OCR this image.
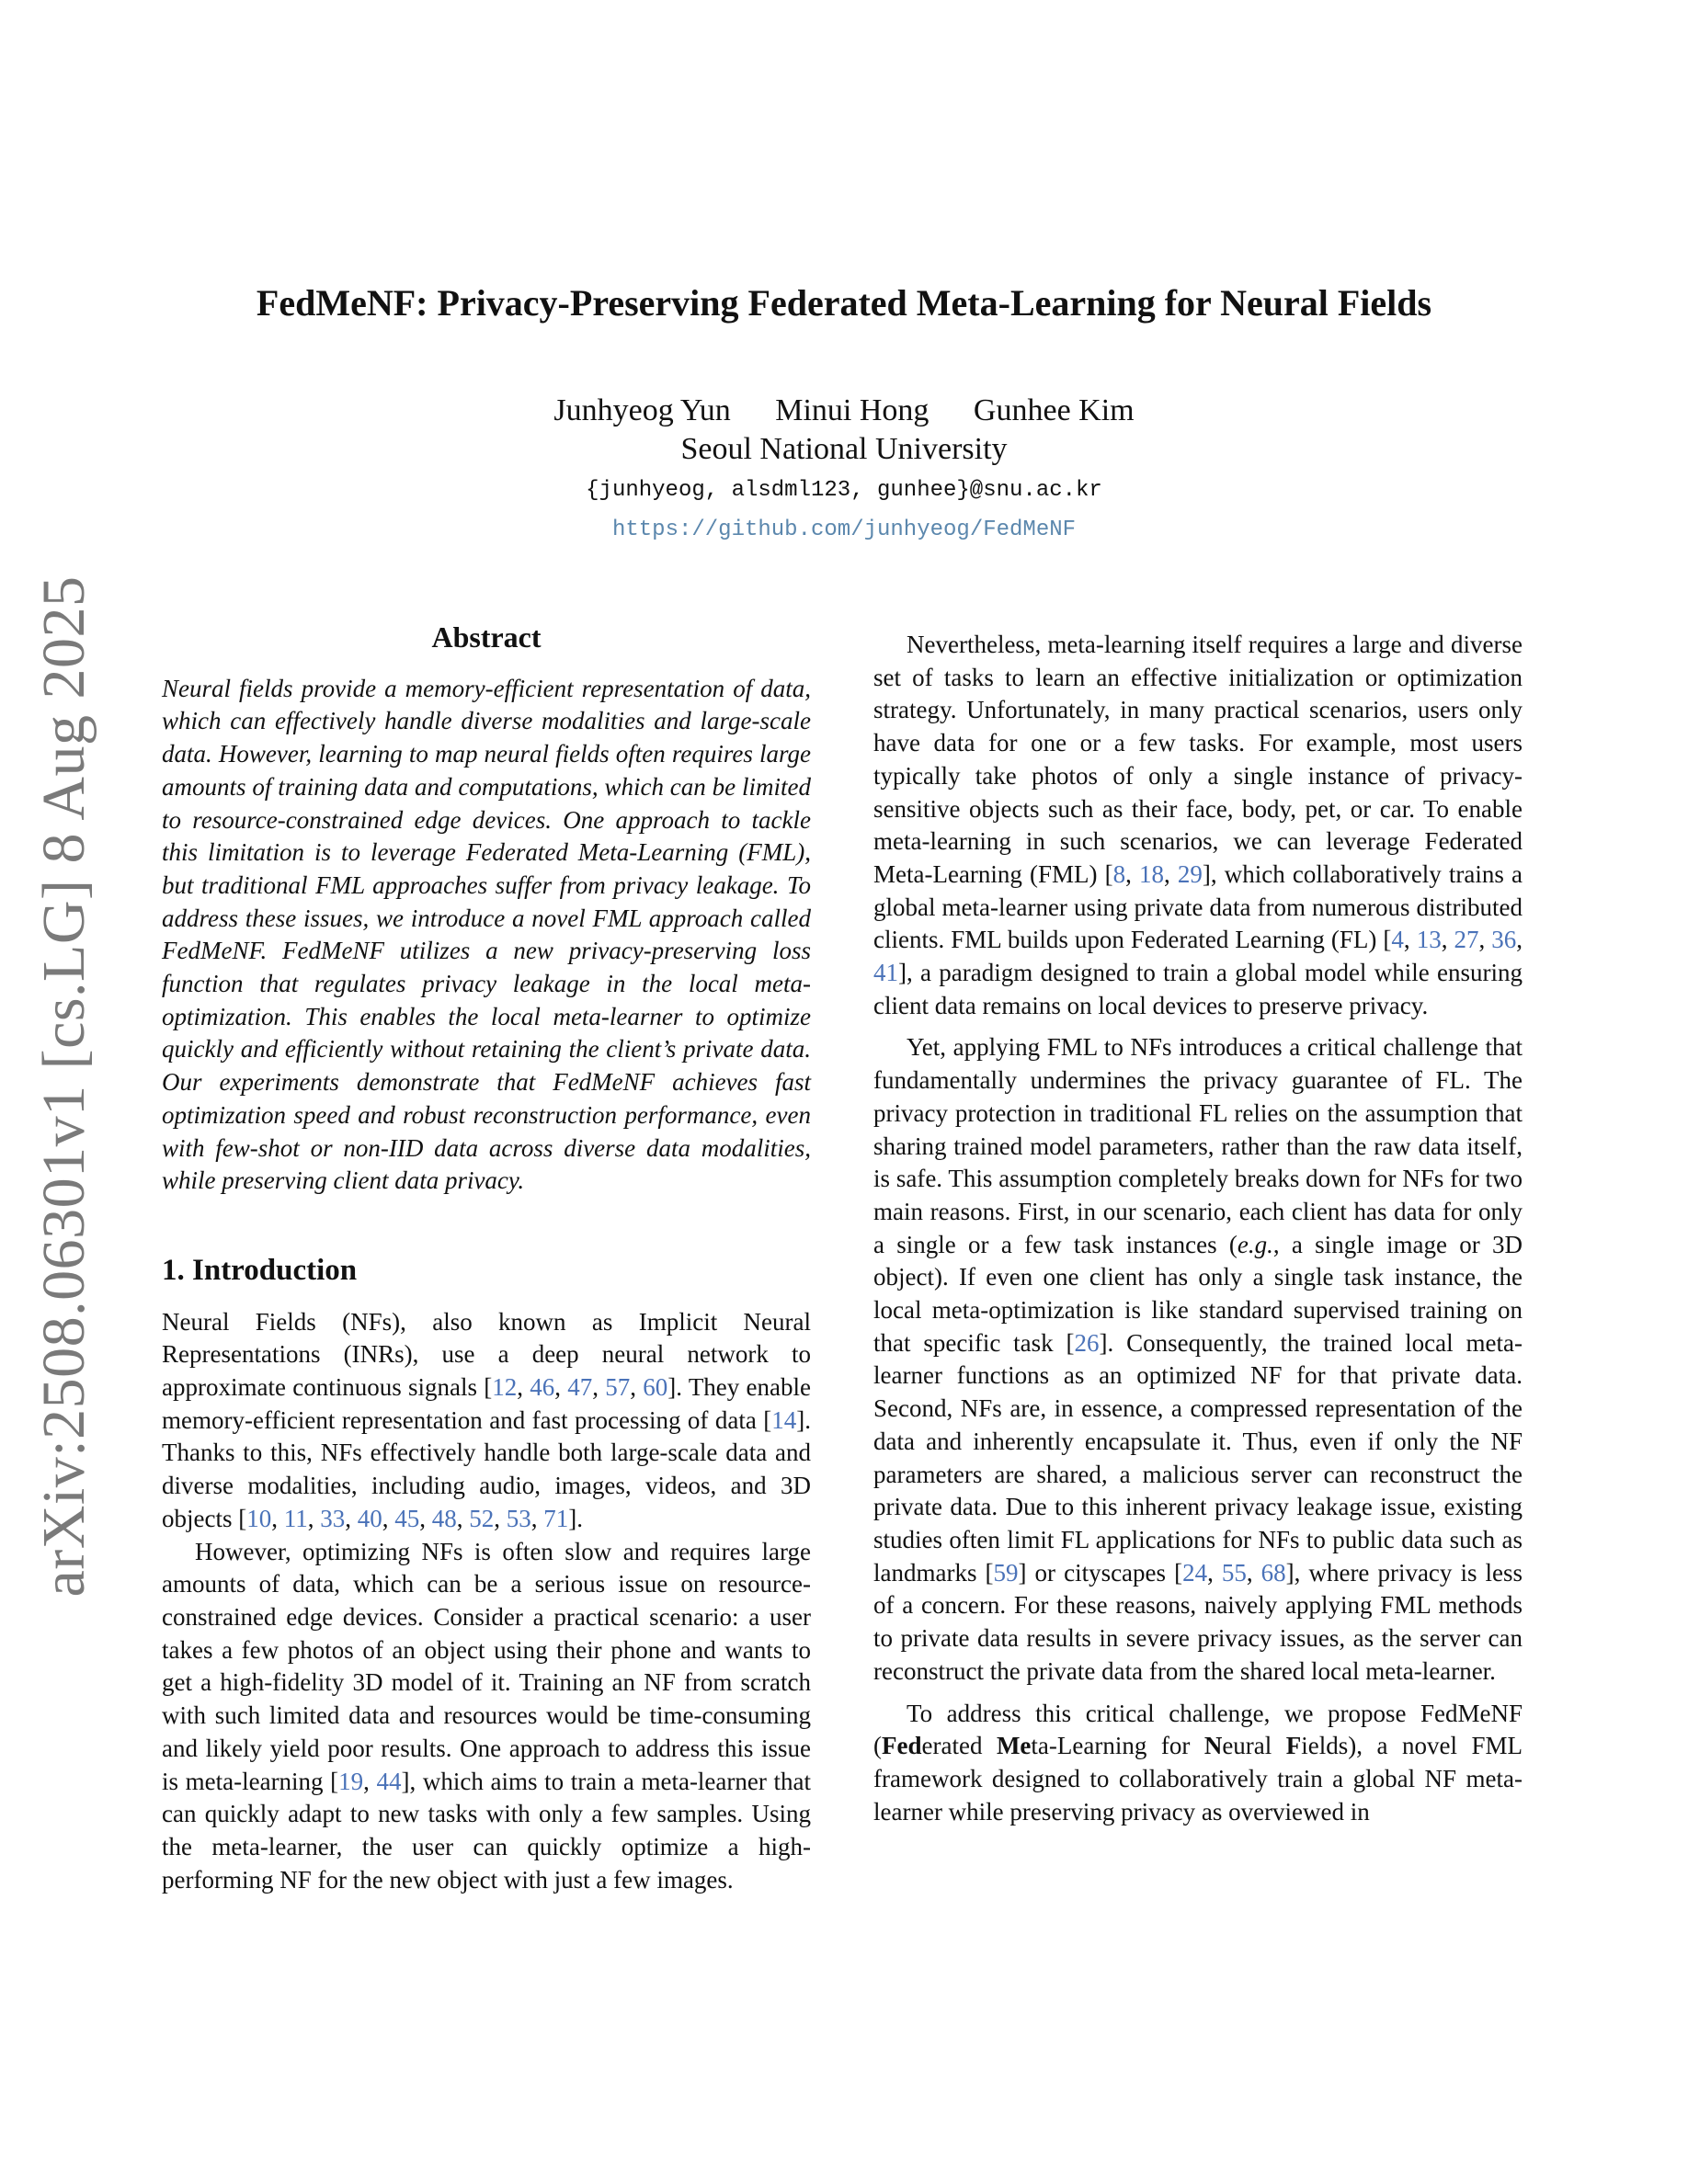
arXiv:2508.06301v1 [cs.LG] 8 Aug 2025
FedMeNF: Privacy-Preserving Federated Meta-Learning for Neural Fields
Junhyeog Yun Minui Hong Gunhee Kim
Seoul National University
{junhyeog, alsdml123, gunhee}@snu.ac.kr
https://github.com/junhyeog/FedMeNF
Abstract

Neural fields provide a memory-efficient representation of data, which can effectively handle diverse modalities and large-scale data. However, learning to map neural fields often requires large amounts of training data and computations, which can be limited to resource-constrained edge devices. One approach to tackle this limitation is to leverage Federated Meta-Learning (FML), but traditional FML approaches suffer from privacy leakage. To address these issues, we introduce a novel FML approach called FedMeNF. FedMeNF utilizes a new privacy-preserving loss function that regulates privacy leakage in the local meta-optimization. This enables the local meta-learner to optimize quickly and efficiently without retaining the client’s private data. Our experiments demonstrate that FedMeNF achieves fast optimization speed and robust reconstruction performance, even with few-shot or non-IID data across diverse data modalities, while preserving client data privacy.

1. Introduction

Neural Fields (NFs), also known as Implicit Neural Representations (INRs), use a deep neural network to approximate continuous signals [12, 46, 47, 57, 60]. They enable memory-efficient representation and fast processing of data [14]. Thanks to this, NFs effectively handle both large-scale data and diverse modalities, including audio, images, videos, and 3D objects [10, 11, 33, 40, 45, 48, 52, 53, 71].

However, optimizing NFs is often slow and requires large amounts of data, which can be a serious issue on resource-constrained edge devices. Consider a practical scenario: a user takes a few photos of an object using their phone and wants to get a high-fidelity 3D model of it. Training an NF from scratch with such limited data and resources would be time-consuming and likely yield poor results. One approach to address this issue is meta-learning [19, 44], which aims to train a meta-learner that can quickly adapt to new tasks with only a few samples. Using the meta-learner, the user can quickly optimize a high-performing NF for the new object with just a few images.

Nevertheless, meta-learning itself requires a large and diverse set of tasks to learn an effective initialization or optimization strategy. Unfortunately, in many practical scenarios, users only have data for one or a few tasks. For example, most users typically take photos of only a single instance of privacy-sensitive objects such as their face, body, pet, or car. To enable meta-learning in such scenarios, we can leverage Federated Meta-Learning (FML) [8, 18, 29], which collaboratively trains a global meta-learner using private data from numerous distributed clients. FML builds upon Federated Learning (FL) [4, 13, 27, 36, 41], a paradigm designed to train a global model while ensuring client data remains on local devices to preserve privacy.

Yet, applying FML to NFs introduces a critical challenge that fundamentally undermines the privacy guarantee of FL. The privacy protection in traditional FL relies on the assumption that sharing trained model parameters, rather than the raw data itself, is safe. This assumption completely breaks down for NFs for two main reasons. First, in our scenario, each client has data for only a single or a few task instances (e.g., a single image or 3D object). If even one client has only a single task instance, the local meta-optimization is like standard supervised training on that specific task [26]. Consequently, the trained local meta-learner functions as an optimized NF for that private data. Second, NFs are, in essence, a compressed representation of the data and inherently encapsulate it. Thus, even if only the NF parameters are shared, a malicious server can reconstruct the private data. Due to this inherent privacy leakage issue, existing studies often limit FL applications for NFs to public data such as landmarks [59] or cityscapes [24, 55, 68], where privacy is less of a concern. For these reasons, naively applying FML methods to private data results in severe privacy issues, as the server can reconstruct the private data from the shared local meta-learner.

To address this critical challenge, we propose FedMeNF (Federated Meta-Learning for Neural Fields), a novel FML framework designed to collaboratively train a global NF meta-learner while preserving privacy as overviewed in
